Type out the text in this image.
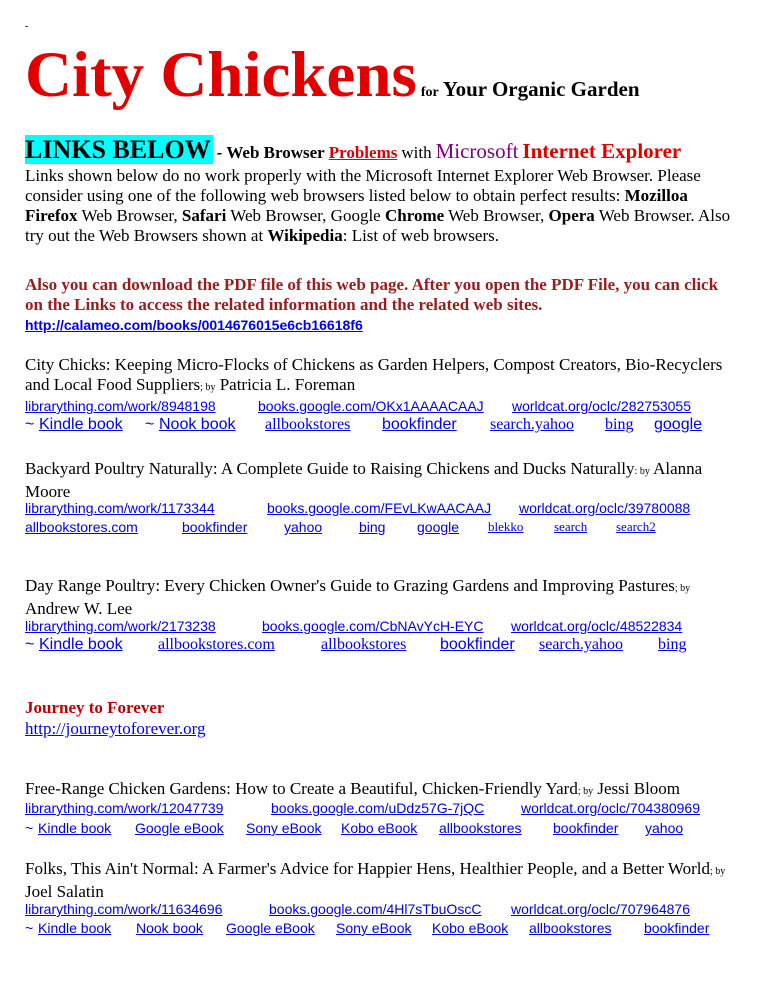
-
City Chickens for Your Organic Garden
LINKS BELOW - Web Browser Problems with Microsoft Internet Explorer
Links shown below do no work properly with the Microsoft Internet Explorer Web Browser. Please consider using one of the following web browsers listed below to obtain perfect results: Mozilloa Firefox Web Browser, Safari Web Browser, Google Chrome Web Browser, Opera Web Browser. Also try out the Web Browsers shown at Wikipedia: List of web browsers.
Also you can download the PDF file of this web page. After you open the PDF File, you can click on the Links to access the related information and the related web sites.
http://calameo.com/books/0014676015e6cb16618f6
City Chicks: Keeping Micro-Flocks of Chickens as Garden Helpers, Compost Creators, Bio-Recyclers and Local Food Suppliers; by Patricia L. Foreman
librarything.com/work/8948198	books.google.com/OKx1AAAACAAJ worldcat.org/oclc/282753055
~ Kindle book ~ Nook book allbookstores bookfinder search.yahoo bing google
Backyard Poultry Naturally: A Complete Guide to Raising Chickens and Ducks Naturally: by Alanna Moore
librarything.com/work/1173344	books.google.com/FEvLKwAACAAJ worldcat.org/oclc/39780088
allbookstores.com	bookfinder	yahoo	bing google blekko search search2
Day Range Poultry: Every Chicken Owner's Guide to Grazing Gardens and Improving Pastures; by Andrew W. Lee
librarything.com/work/2173238	books.google.com/CbNAvYcH-EYC worldcat.org/oclc/48522834
~ Kindle book allbookstores.com	allbookstores bookfinder search.yahoo bing
Journey to Forever
http://journeytoforever.org
Free-Range Chicken Gardens: How to Create a Beautiful, Chicken-Friendly Yard; by Jessi Bloom
librarything.com/work/12047739	books.google.com/uDdz57G-7jQC	worldcat.org/oclc/704380969
~ Kindle book Google eBook Sony eBook Kobo eBook allbookstores bookfinder yahoo
Folks, This Ain't Normal: A Farmer's Advice for Happier Hens, Healthier People, and a Better World; by Joel Salatin
librarything.com/work/11634696	books.google.com/4Hl7sTbuOscC worldcat.org/oclc/707964876
~ Kindle book Nook book Google eBook Sony eBook Kobo eBook allbookstores bookfinder
